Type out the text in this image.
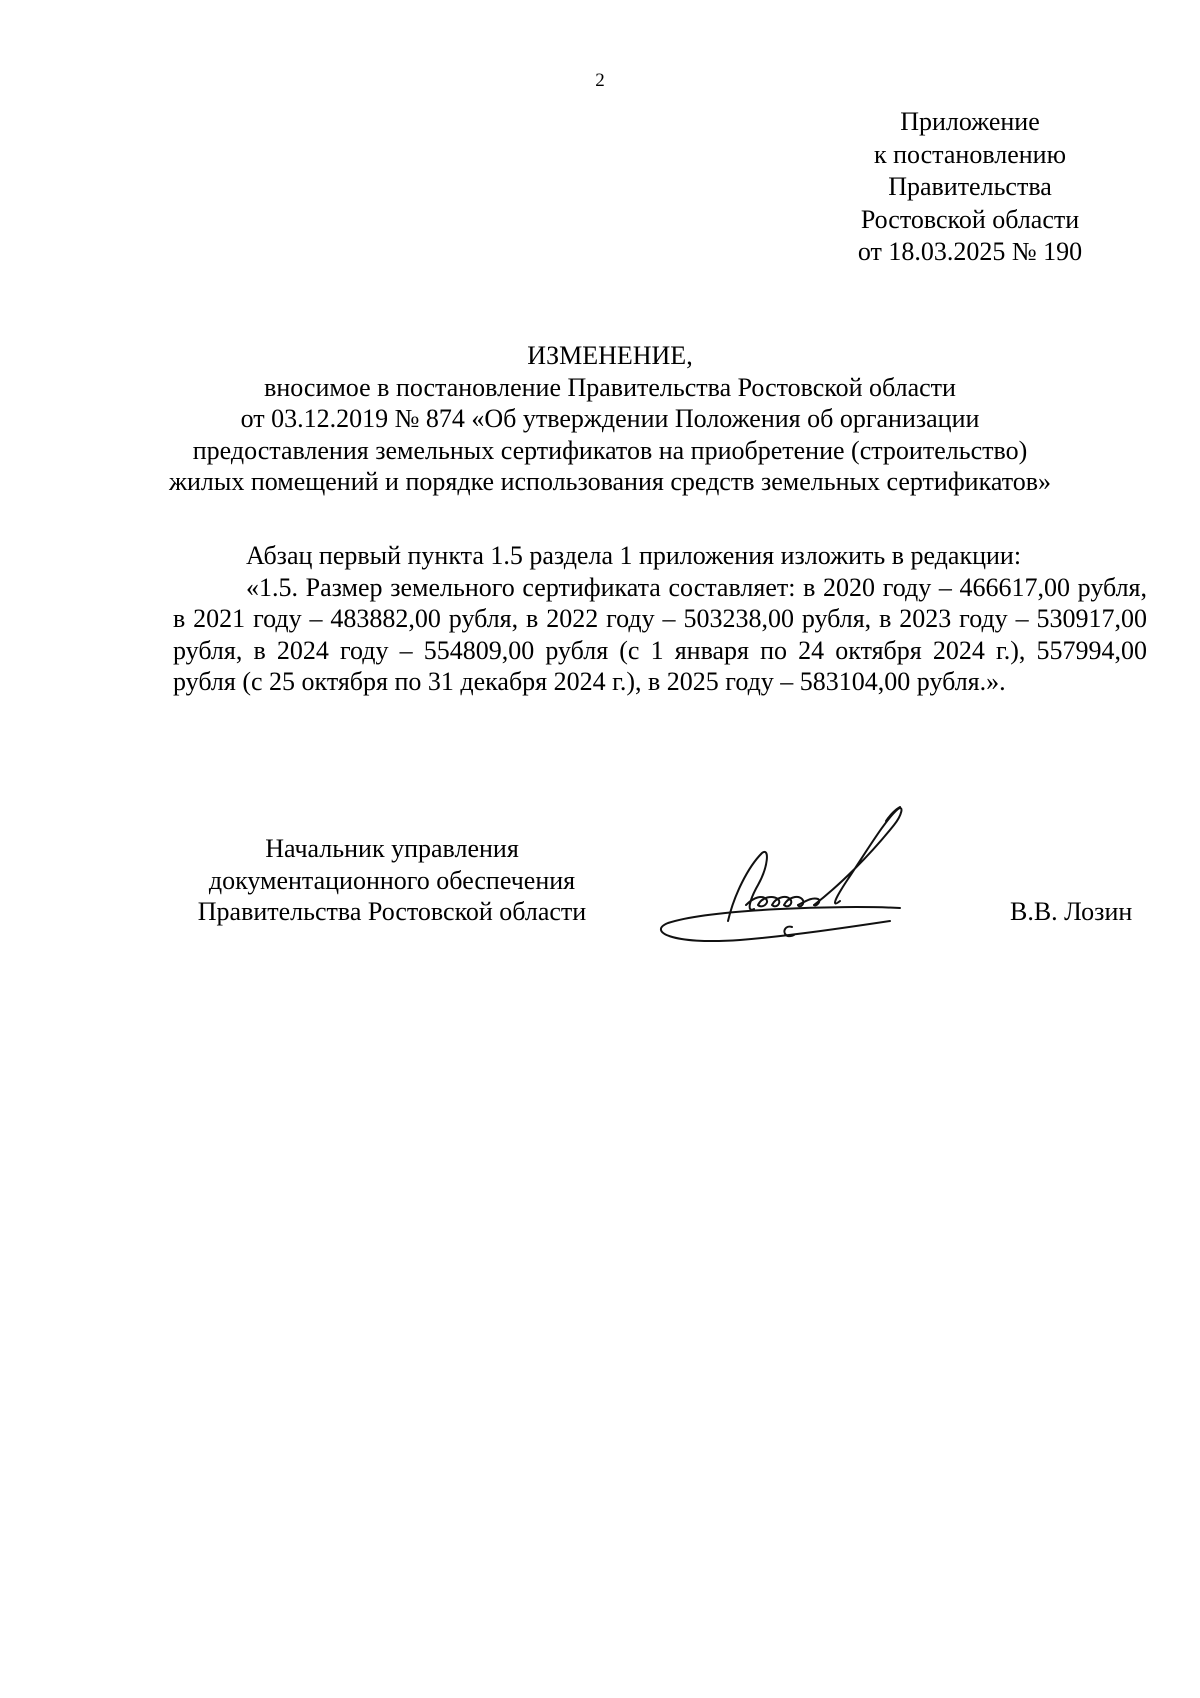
2
Приложение
к постановлению
Правительства
Ростовской области
от 18.03.2025 № 190
ИЗМЕНЕНИЕ,
вносимое в постановление Правительства Ростовской области
от 03.12.2019 № 874 «Об утверждении Положения об организации
предоставления земельных сертификатов на приобретение (строительство)
жилых помещений и порядке использования средств земельных сертификатов»
Абзац первый пункта 1.5 раздела 1 приложения изложить в редакции:
«1.5. Размер земельного сертификата составляет: в 2020 году – 466617,00 рубля, в 2021 году – 483882,00 рубля, в 2022 году – 503238,00 рубля, в 2023 году – 530917,00 рубля, в 2024 году – 554809,00 рубля (с 1 января по 24 октября 2024 г.), 557994,00 рубля (с 25 октября по 31 декабря 2024 г.), в 2025 году – 583104,00 рубля.».
Начальник управления
документационного обеспечения
Правительства Ростовской области	В.В. Лозин
